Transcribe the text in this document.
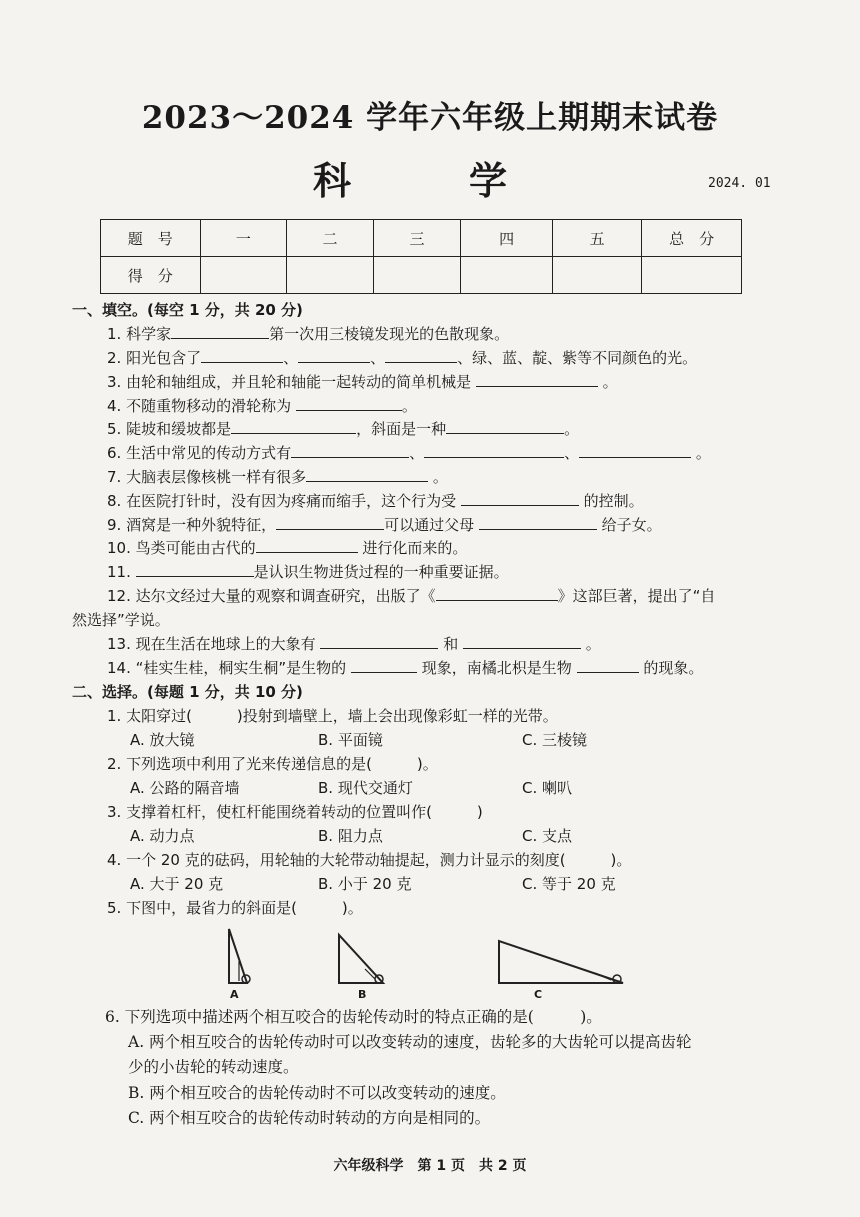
2023～2024 学年六年级上期期末试卷
科　学	2024. 01
题　号	一	二	三	四	五	总　分
得　分						
一、填空。(每空 1 分，共 20 分)
1. 科学家	第一次用三棱镜发现光的色散现象。
2. 阳光包含了	、	、	、绿、蓝、靛、紫等不同颜色的光。
3. 由轮和轴组成，并且轮和轴能一起转动的简单机械是	。
4. 不随重物移动的滑轮称为	。
5. 陡坡和缓坡都是	，斜面是一种	。
6. 生活中常见的传动方式有	、	、	。
7. 大脑表层像核桃一样有很多	。
8. 在医院打针时，没有因为疼痛而缩手，这个行为受	的控制。
9. 酒窝是一种外貌特征，	可以通过父母	给子女。
10. 鸟类可能由古代的	进行化而来的。
11.	是认识生物进货过程的一种重要证据。
12. 达尔文经过大量的观察和调查研究，出版了《	》这部巨著，提出了“自
然选择”学说。
13. 现在生活在地球上的大象有	和	。
14. “桂实生桂，桐实生桐”是生物的	现象，南橘北枳是生物	的现象。
二、选择。(每题 1 分，共 10 分)
1. 太阳穿过(　　　)投射到墙壁上，墙上会出现像彩虹一样的光带。
A. 放大镜	B. 平面镜	C. 三棱镜
2. 下列选项中利用了光来传递信息的是(　　　)。
A. 公路的隔音墙	B. 现代交通灯	C. 喇叭
3. 支撑着杠杆，使杠杆能围绕着转动的位置叫作(　　　)
A. 动力点	B. 阻力点	C. 支点
4. 一个 20 克的砝码，用轮轴的大轮带动轴提起，测力计显示的刻度(　　　)。
A. 大于 20 克	B. 小于 20 克	C. 等于 20 克
5. 下图中，最省力的斜面是(　　　)。
A	B	C
6. 下列选项中描述两个相互咬合的齿轮传动时的特点正确的是(　　　)。
A. 两个相互咬合的齿轮传动时可以改变转动的速度，齿轮多的大齿轮可以提高齿轮
少的小齿轮的转动速度。
B. 两个相互咬合的齿轮传动时不可以改变转动的速度。
C. 两个相互咬合的齿轮传动时转动的方向是相同的。
六年级科学　第 1 页　共 2 页
